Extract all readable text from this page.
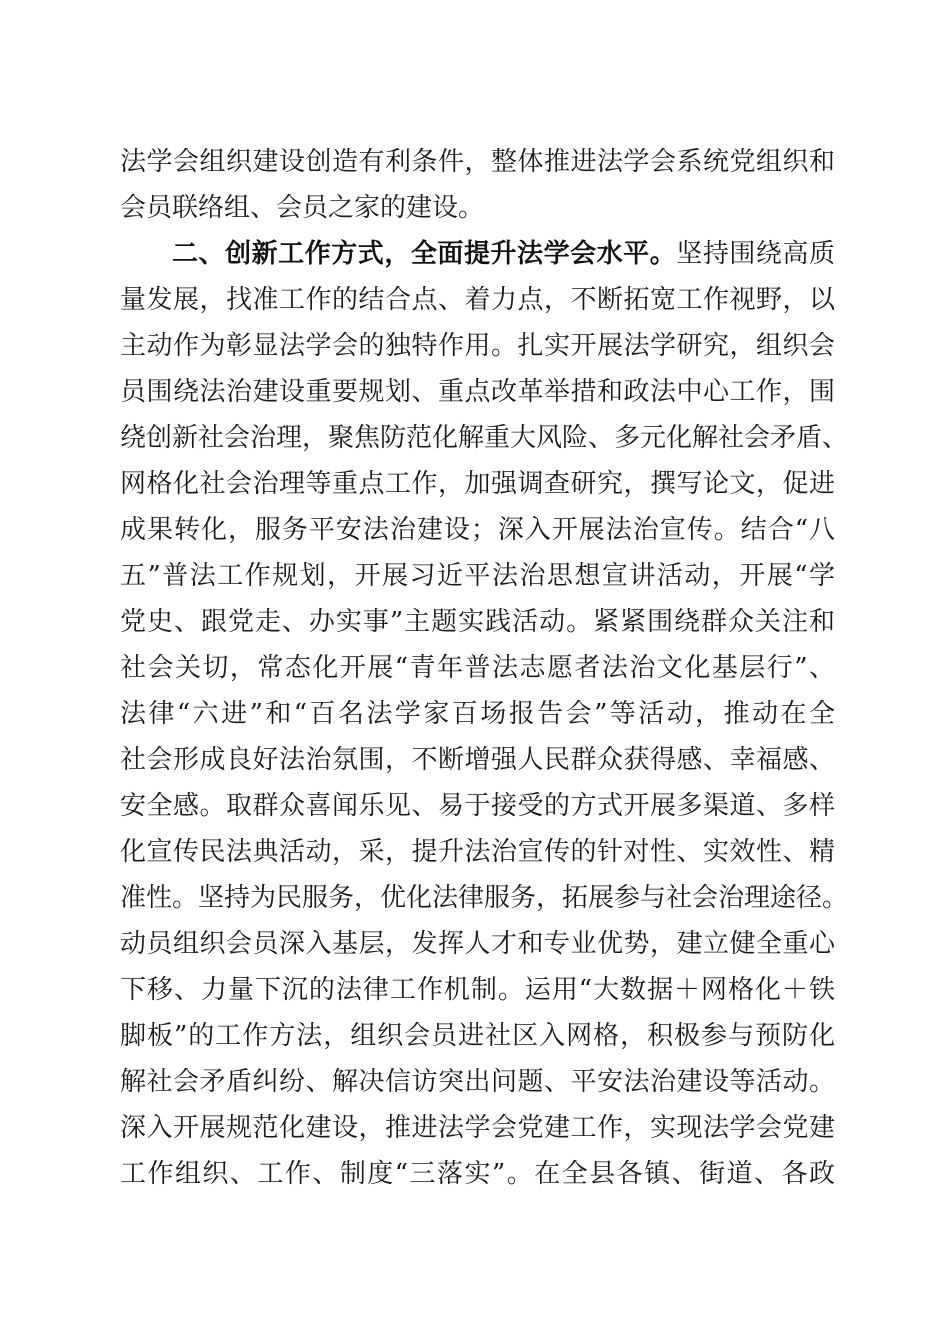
法学会组织建设创造有利条件，整体推进法学会系统党组织和
会员联络组、会员之家的建设。
二、创新工作方式，全面提升法学会水平。坚持围绕高质
量发展，找准工作的结合点、着力点，不断拓宽工作视野，以
主动作为彰显法学会的独特作用。扎实开展法学研究，组织会
员围绕法治建设重要规划、重点改革举措和政法中心工作，围
绕创新社会治理，聚焦防范化解重大风险、多元化解社会矛盾、
网格化社会治理等重点工作，加强调查研究，撰写论文，促进
成果转化，服务平安法治建设；深入开展法治宣传。结合“八
五”普法工作规划，开展习近平法治思想宣讲活动，开展“学
党史、跟党走、办实事”主题实践活动。紧紧围绕群众关注和
社会关切，常态化开展“青年普法志愿者法治文化基层行”、
法律“六进”和“百名法学家百场报告会”等活动，推动在全
社会形成良好法治氛围，不断增强人民群众获得感、幸福感、
安全感。取群众喜闻乐见、易于接受的方式开展多渠道、多样
化宣传民法典活动，采，提升法治宣传的针对性、实效性、精
准性。坚持为民服务，优化法律服务，拓展参与社会治理途径。
动员组织会员深入基层，发挥人才和专业优势，建立健全重心
下移、力量下沉的法律工作机制。运用“大数据＋网格化＋铁
脚板”的工作方法，组织会员进社区入网格，积极参与预防化
解社会矛盾纠纷、解决信访突出问题、平安法治建设等活动。
深入开展规范化建设，推进法学会党建工作，实现法学会党建
工作组织、工作、制度“三落实”。在全县各镇、街道、各政
